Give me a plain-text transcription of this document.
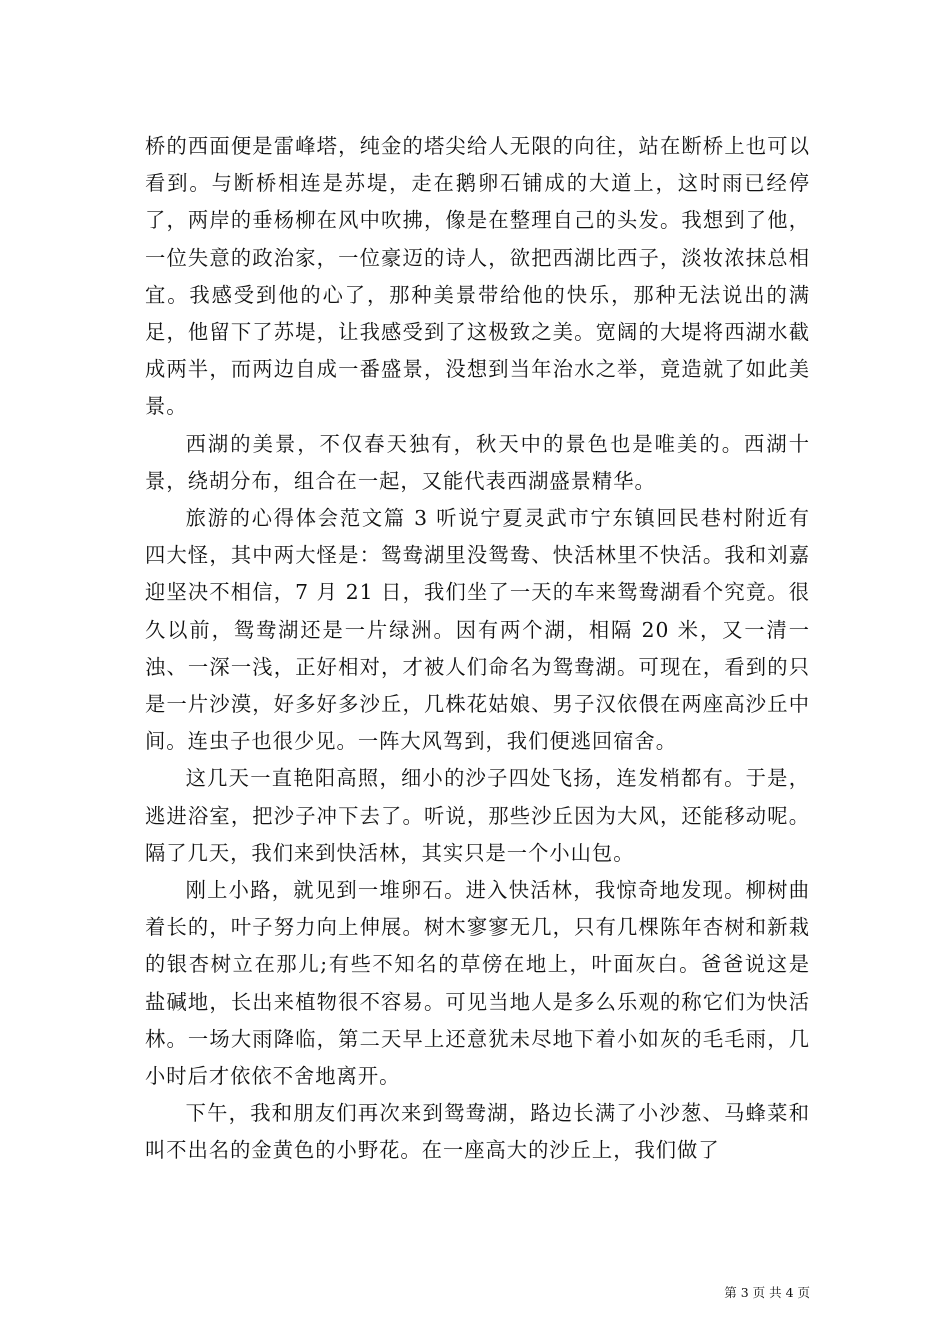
桥的西面便是雷峰塔，纯金的塔尖给人无限的向往，站在断桥上也可以看到。与断桥相连是苏堤，走在鹅卵石铺成的大道上，这时雨已经停了，两岸的垂杨柳在风中吹拂，像是在整理自己的头发。我想到了他，一位失意的政治家，一位豪迈的诗人，欲把西湖比西子，淡妆浓抹总相宜。我感受到他的心了，那种美景带给他的快乐，那种无法说出的满足，他留下了苏堤，让我感受到了这极致之美。宽阔的大堤将西湖水截成两半，而两边自成一番盛景，没想到当年治水之举，竟造就了如此美景。

西湖的美景，不仅春天独有，秋天中的景色也是唯美的。西湖十景，绕胡分布，组合在一起，又能代表西湖盛景精华。

旅游的心得体会范文篇 3 听说宁夏灵武市宁东镇回民巷村附近有四大怪，其中两大怪是：鸳鸯湖里没鸳鸯、快活林里不快活。我和刘嘉迎坚决不相信，7 月 21 日，我们坐了一天的车来鸳鸯湖看个究竟。很久以前，鸳鸯湖还是一片绿洲。因有两个湖，相隔 20 米，又一清一浊、一深一浅，正好相对，才被人们命名为鸳鸯湖。可现在，看到的只是一片沙漠，好多好多沙丘，几株花姑娘、男子汉依偎在两座高沙丘中间。连虫子也很少见。一阵大风驾到，我们便逃回宿舍。

这几天一直艳阳高照，细小的沙子四处飞扬，连发梢都有。于是，逃进浴室，把沙子冲下去了。听说，那些沙丘因为大风，还能移动呢。隔了几天，我们来到快活林，其实只是一个小山包。

刚上小路，就见到一堆卵石。进入快活林，我惊奇地发现。柳树曲着长的，叶子努力向上伸展。树木寥寥无几，只有几棵陈年杏树和新栽的银杏树立在那儿;有些不知名的草傍在地上，叶面灰白。爸爸说这是盐碱地，长出来植物很不容易。可见当地人是多么乐观的称它们为快活林。一场大雨降临，第二天早上还意犹未尽地下着小如灰的毛毛雨，几小时后才依依不舍地离开。

下午，我和朋友们再次来到鸳鸯湖，路边长满了小沙葱、马蜂菜和叫不出名的金黄色的小野花。在一座高大的沙丘上，我们做了

第 3 页 共 4 页
